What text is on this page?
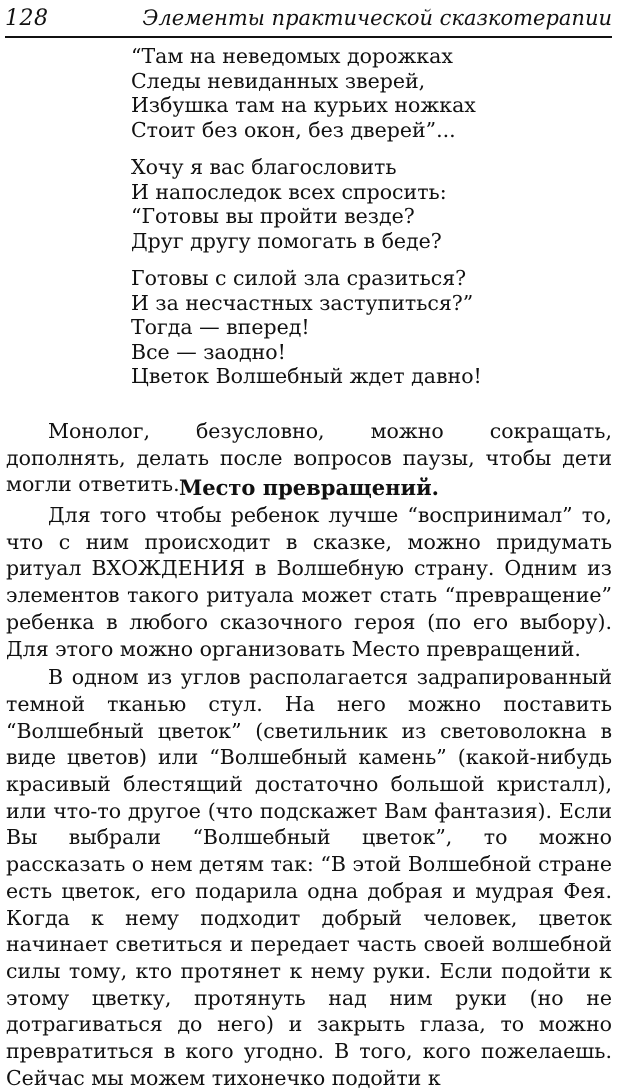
128	Элементы практической сказкотерапии
“Там на неведомых дорожках
Следы невиданных зверей,
Избушка там на курьих ножках
Стоит без окон, без дверей”...
Хочу я вас благословить
И напоследок всех спросить:
“Готовы вы пройти везде?
Друг другу помогать в беде?
Готовы с силой зла сразиться?
И за несчастных заступиться?”
Тогда — вперед!
Все — заодно!
Цветок Волшебный ждет давно!

Монолог, безусловно, можно сокращать, дополнять, делать после вопросов паузы, чтобы дети могли ответить. Место превращений.

Для того чтобы ребенок лучше “воспринимал” то, что с ним происходит в сказке, можно придумать ритуал ВХОЖДЕНИЯ в Волшебную страну. Одним из элементов такого ритуала может стать “превращение” ребенка в любого сказочного героя (по его выбору). Для этого можно организовать Место превращений.

В одном из углов располагается задрапированный темной тканью стул. На него можно поставить “Волшебный цветок” (светильник из световолокна в виде цветов) или “Волшебный камень” (какой-нибудь красивый блестящий достаточно большой кристалл), или что-то другое (что подскажет Вам фантазия). Если Вы выбрали “Волшебный цветок”, то можно рассказать о нем детям так: “В этой Волшебной стране есть цветок, его подарила одна добрая и мудрая Фея. Когда к нему подходит добрый человек, цветок начинает светиться и передает часть своей волшебной силы тому, кто протянет к нему руки. Если подойти к этому цветку, протянуть над ним руки (но не дотрагиваться до него) и закрыть глаза, то можно превратиться в кого угодно. В того, кого пожелаешь. Сейчас мы можем тихонечко подойти к
